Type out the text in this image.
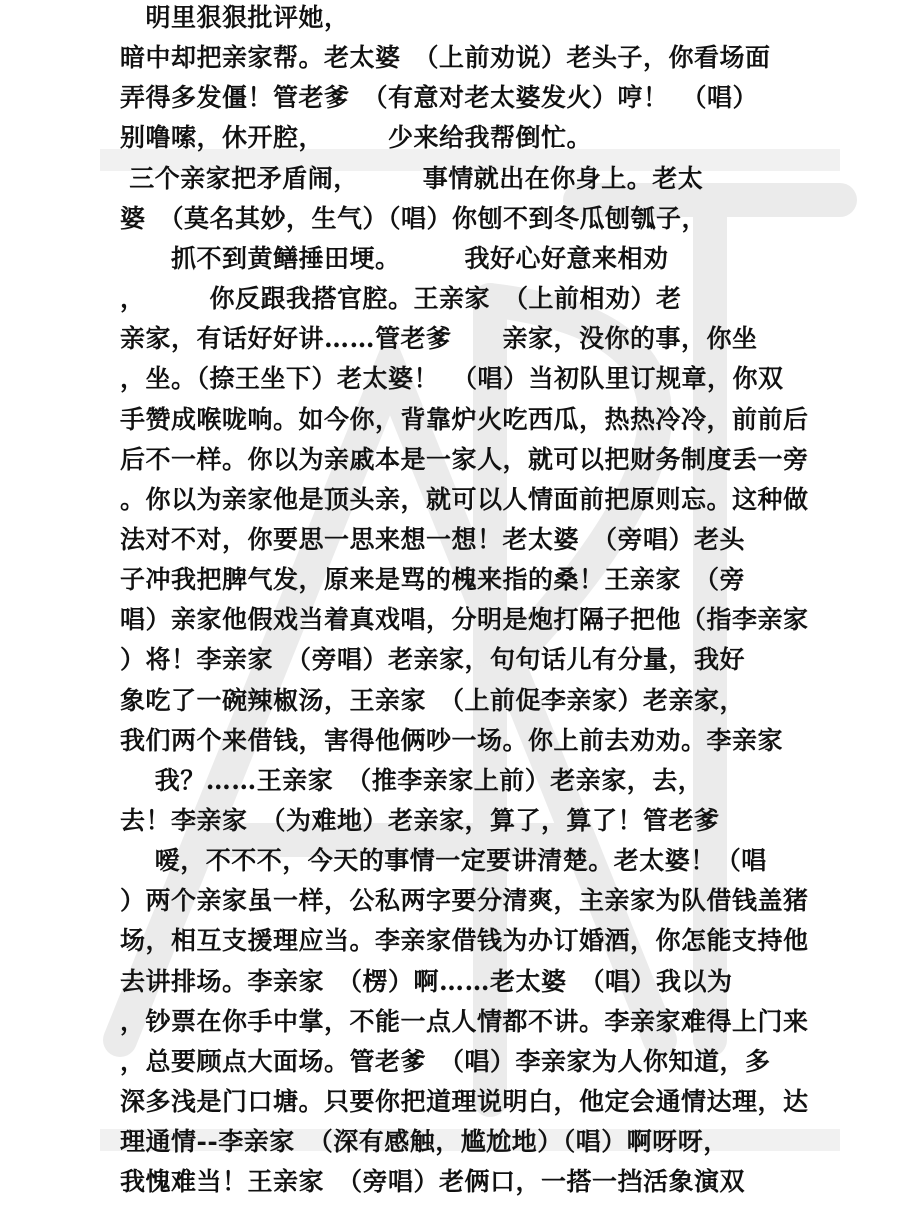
　明里狠狠批评她，
暗中却把亲家帮。老太婆　（上前劝说）老头子，你看场面
弄得多发僵！管老爹　（有意对老太婆发火）哼！　（唱）
别噜嗦，休开腔，　　　少来给我帮倒忙。
三个亲家把矛盾闹，　　　事情就出在你身上。老太
婆　（莫名其妙，生气）（唱）你刨不到冬瓜刨瓠子，
　　抓不到黄鳝捶田埂。　　　我好心好意来相劝
，　　　你反跟我搭官腔。王亲家　（上前相劝）老
亲家，有话好好讲……管老爹　　亲家，没你的事，你坐
，坐。（捺王坐下）老太婆！　（唱）当初队里订规章，你双
手赞成喉咙响。如今你，背靠炉火吃西瓜，热热冷冷，前前后
后不一样。你以为亲戚本是一家人，就可以把财务制度丢一旁
。你以为亲家他是顶头亲，就可以人情面前把原则忘。这种做
法对不对，你要思一思来想一想！老太婆　（旁唱）老头
子冲我把脾气发，原来是骂的槐来指的桑！王亲家　（旁
唱）亲家他假戏当着真戏唱，分明是炮打隔子把他（指李亲家
）将！李亲家　（旁唱）老亲家，句句话儿有分量，我好
象吃了一碗辣椒汤，王亲家　（上前促李亲家）老亲家，
我们两个来借钱，害得他俩吵一场。你上前去劝劝。李亲家
　 我？……王亲家　（推李亲家上前）老亲家，去，
去！李亲家　（为难地）老亲家，算了，算了！管老爹
　 嗳，不不不，今天的事情一定要讲清楚。老太婆！（唱
）两个亲家虽一样，公私两字要分清爽，主亲家为队借钱盖猪
场，相互支援理应当。李亲家借钱为办订婚酒，你怎能支持他
去讲排场。李亲家　（楞）啊……老太婆　（唱）我以为
，钞票在你手中掌，不能一点人情都不讲。李亲家难得上门来
，总要顾点大面场。管老爹　（唱）李亲家为人你知道，多
深多浅是门口塘。只要你把道理说明白，他定会通情达理，达
理通情--李亲家　（深有感触，尴尬地）（唱）啊呀呀，
我愧难当！王亲家　（旁唱）老俩口，一搭一挡活象演双
